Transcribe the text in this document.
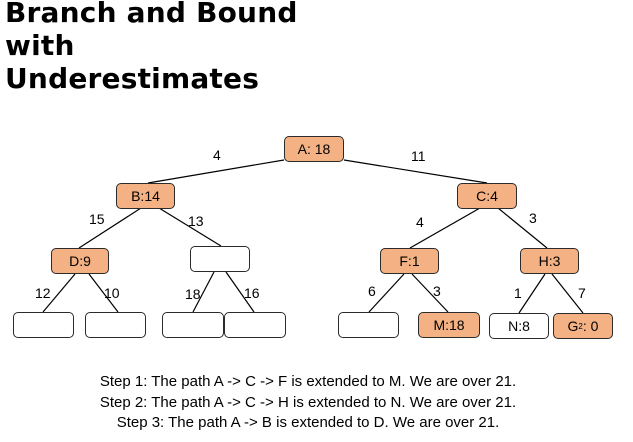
Branch and Bound
with
Underestimates
A: 18
B:14	C:4
D:9	F:1	H:3
M:18	N:8	G 2 : 0
4	11
15	13	4	3
12	10	18	16	6	3	1	7
Step 1: The path A -> C -> F is extended to M. We are over 21.
Step 2: The path A -> C -> H is extended to N. We are over 21.
Step 3: The path A -> B is extended to D. We are over 21.
